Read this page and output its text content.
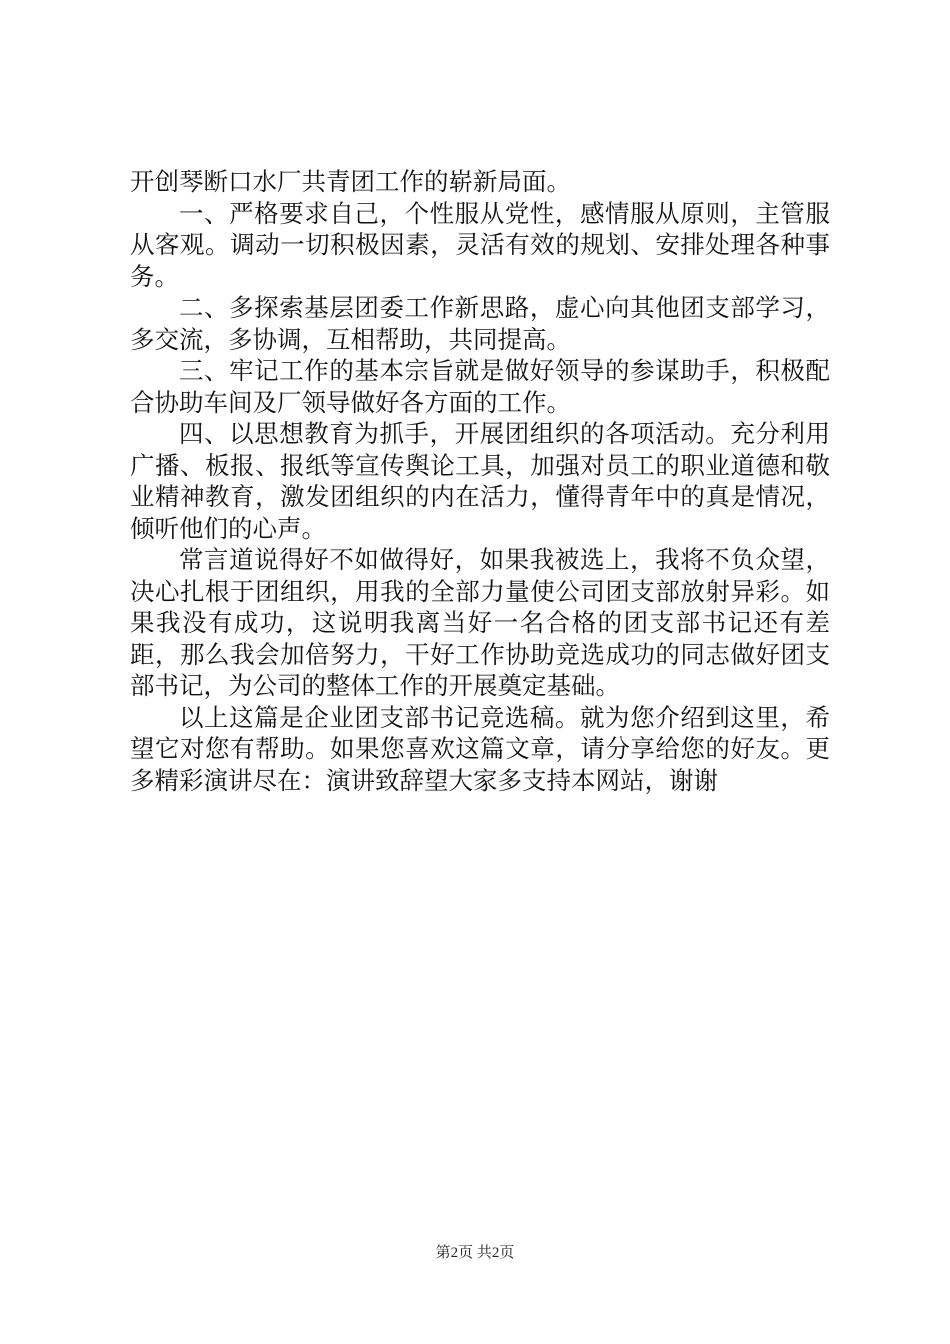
开创琴断口水厂共青团工作的崭新局面。

一、严格要求自己，个性服从党性，感情服从原则，主管服从客观。调动一切积极因素，灵活有效的规划、安排处理各种事务。

二、多探索基层团委工作新思路，虚心向其他团支部学习，多交流，多协调，互相帮助，共同提高。

三、牢记工作的基本宗旨就是做好领导的参谋助手，积极配合协助车间及厂领导做好各方面的工作。

四、以思想教育为抓手，开展团组织的各项活动。充分利用广播、板报、报纸等宣传舆论工具，加强对员工的职业道德和敬业精神教育，激发团组织的内在活力，懂得青年中的真是情况，倾听他们的心声。

常言道说得好不如做得好，如果我被选上，我将不负众望，决心扎根于团组织，用我的全部力量使公司团支部放射异彩。如果我没有成功，这说明我离当好一名合格的团支部书记还有差距，那么我会加倍努力，干好工作协助竞选成功的同志做好团支部书记，为公司的整体工作的开展奠定基础。

以上这篇是企业团支部书记竞选稿。就为您介绍到这里，希望它对您有帮助。如果您喜欢这篇文章，请分享给您的好友。更多精彩演讲尽在：演讲致辞望大家多支持本网站，谢谢

第2页 共2页
